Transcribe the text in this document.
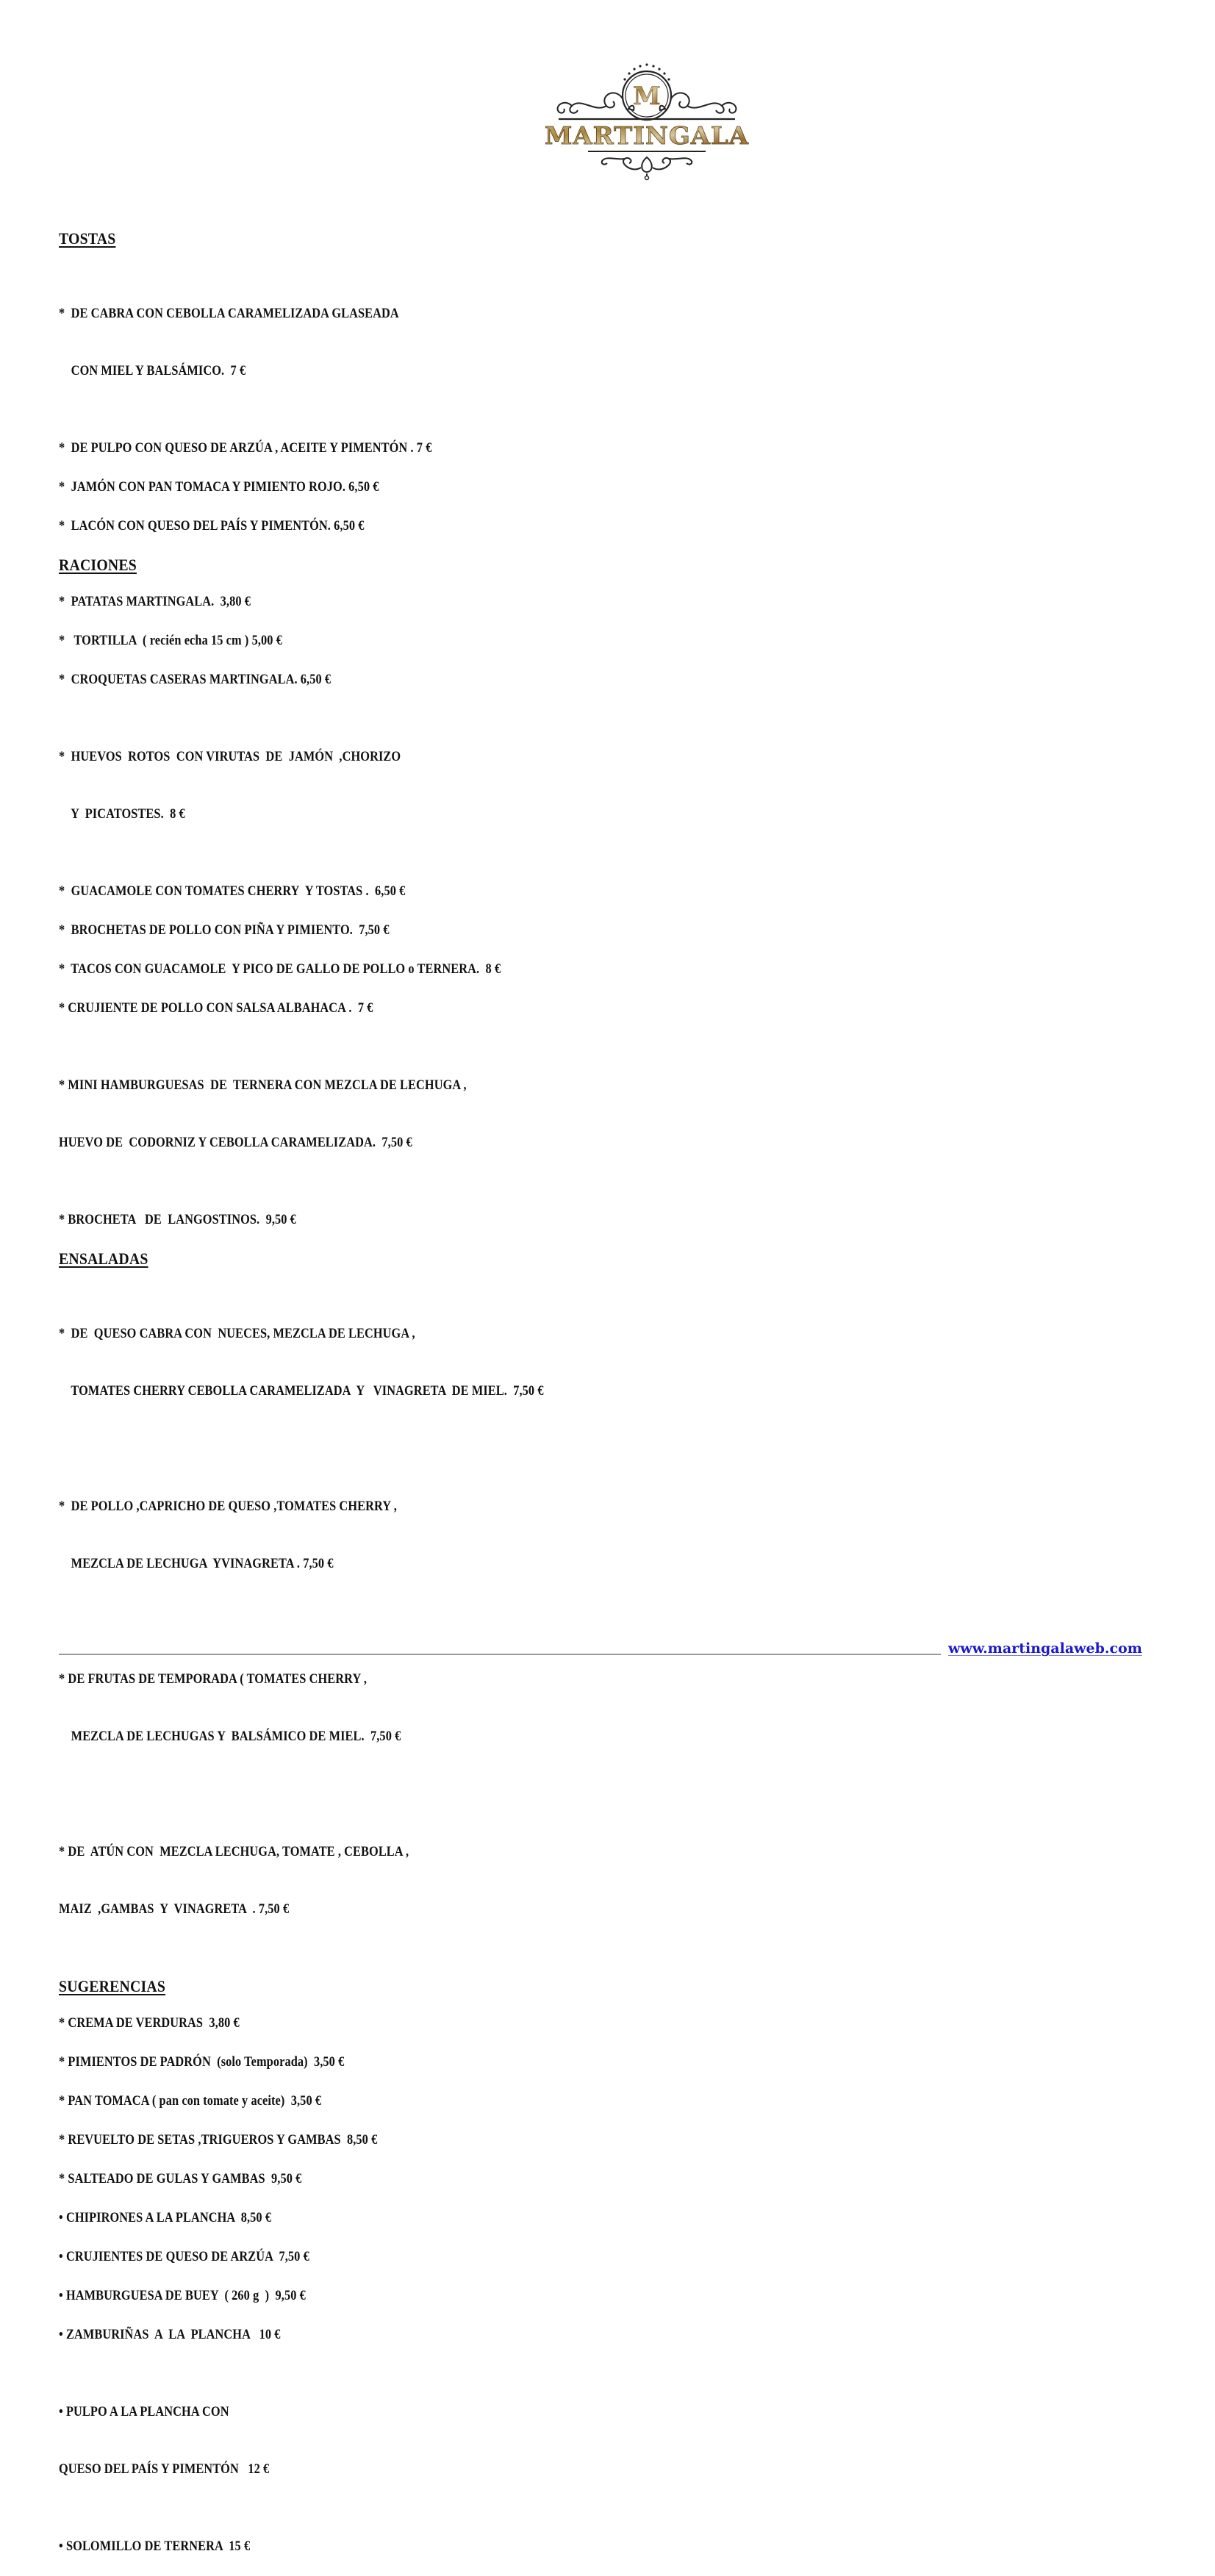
M
MARTINGALA
TOSTAS

*  DE CABRA CON CEBOLLA CARAMELIZADA GLASEADA

CON MIEL Y BALSÁMICO.  7 €

*  DE PULPO CON QUESO DE ARZÚA , ACEITE Y PIMENTÓN . 7 €
*  JAMÓN CON PAN TOMACA Y PIMIENTO ROJO. 6,50 €
*  LACÓN CON QUESO DEL PAÍS Y PIMENTÓN. 6,50 €
RACIONES
*  PATATAS MARTINGALA.  3,80 €
*   TORTILLA  ( recién echa 15 cm ) 5,00 €
*  CROQUETAS CASERAS MARTINGALA. 6,50 €

*  HUEVOS  ROTOS  CON VIRUTAS  DE  JAMÓN  ,CHORIZO

Y  PICATOSTES.  8 €

*  GUACAMOLE CON TOMATES CHERRY  Y TOSTAS .  6,50 €
*  BROCHETAS DE POLLO CON PIÑA Y PIMIENTO.  7,50 €
*  TACOS CON GUACAMOLE  Y PICO DE GALLO DE POLLO o TERNERA.  8 €
* CRUJIENTE DE POLLO CON SALSA ALBAHACA .  7 €

* MINI HAMBURGUESAS  DE  TERNERA CON MEZCLA DE LECHUGA ,

HUEVO DE  CODORNIZ Y CEBOLLA CARAMELIZADA.  7,50 €

* BROCHETA   DE  LANGOSTINOS.  9,50 €
ENSALADAS

*  DE  QUESO CABRA CON  NUECES, MEZCLA DE LECHUGA ,

TOMATES CHERRY CEBOLLA CARAMELIZADA  Y   VINAGRETA  DE MIEL.  7,50 €

*  DE POLLO ,CAPRICHO DE QUESO ,TOMATES CHERRY ,

MEZCLA DE LECHUGA  YVINAGRETA . 7,50 €

* DE FRUTAS DE TEMPORADA ( TOMATES CHERRY ,

MEZCLA DE LECHUGAS Y  BALSÁMICO DE MIEL.  7,50 €

* DE  ATÚN CON  MEZCLA LECHUGA, TOMATE , CEBOLLA ,

MAIZ  ,GAMBAS  Y  VINAGRETA  . 7,50 €

SUGERENCIAS
* CREMA DE VERDURAS  3,80 €
* PIMIENTOS DE PADRÓN  (solo Temporada)  3,50 €
* PAN TOMACA ( pan con tomate y aceite)  3,50 €
* REVUELTO DE SETAS ,TRIGUEROS Y GAMBAS  8,50 €
* SALTEADO DE GULAS Y GAMBAS  9,50 €
• CHIPIRONES A LA PLANCHA  8,50 €
• CRUJIENTES DE QUESO DE ARZÚA  7,50 €
• HAMBURGUESA DE BUEY  ( 260 g  )  9,50 €
• ZAMBURIÑAS  A  LA  PLANCHA   10 €

• PULPO A LA PLANCHA CON

QUESO DEL PAÍS Y PIMENTÓN   12 €

• SOLOMILLO DE TERNERA  15 €
www.martingalaweb.com
